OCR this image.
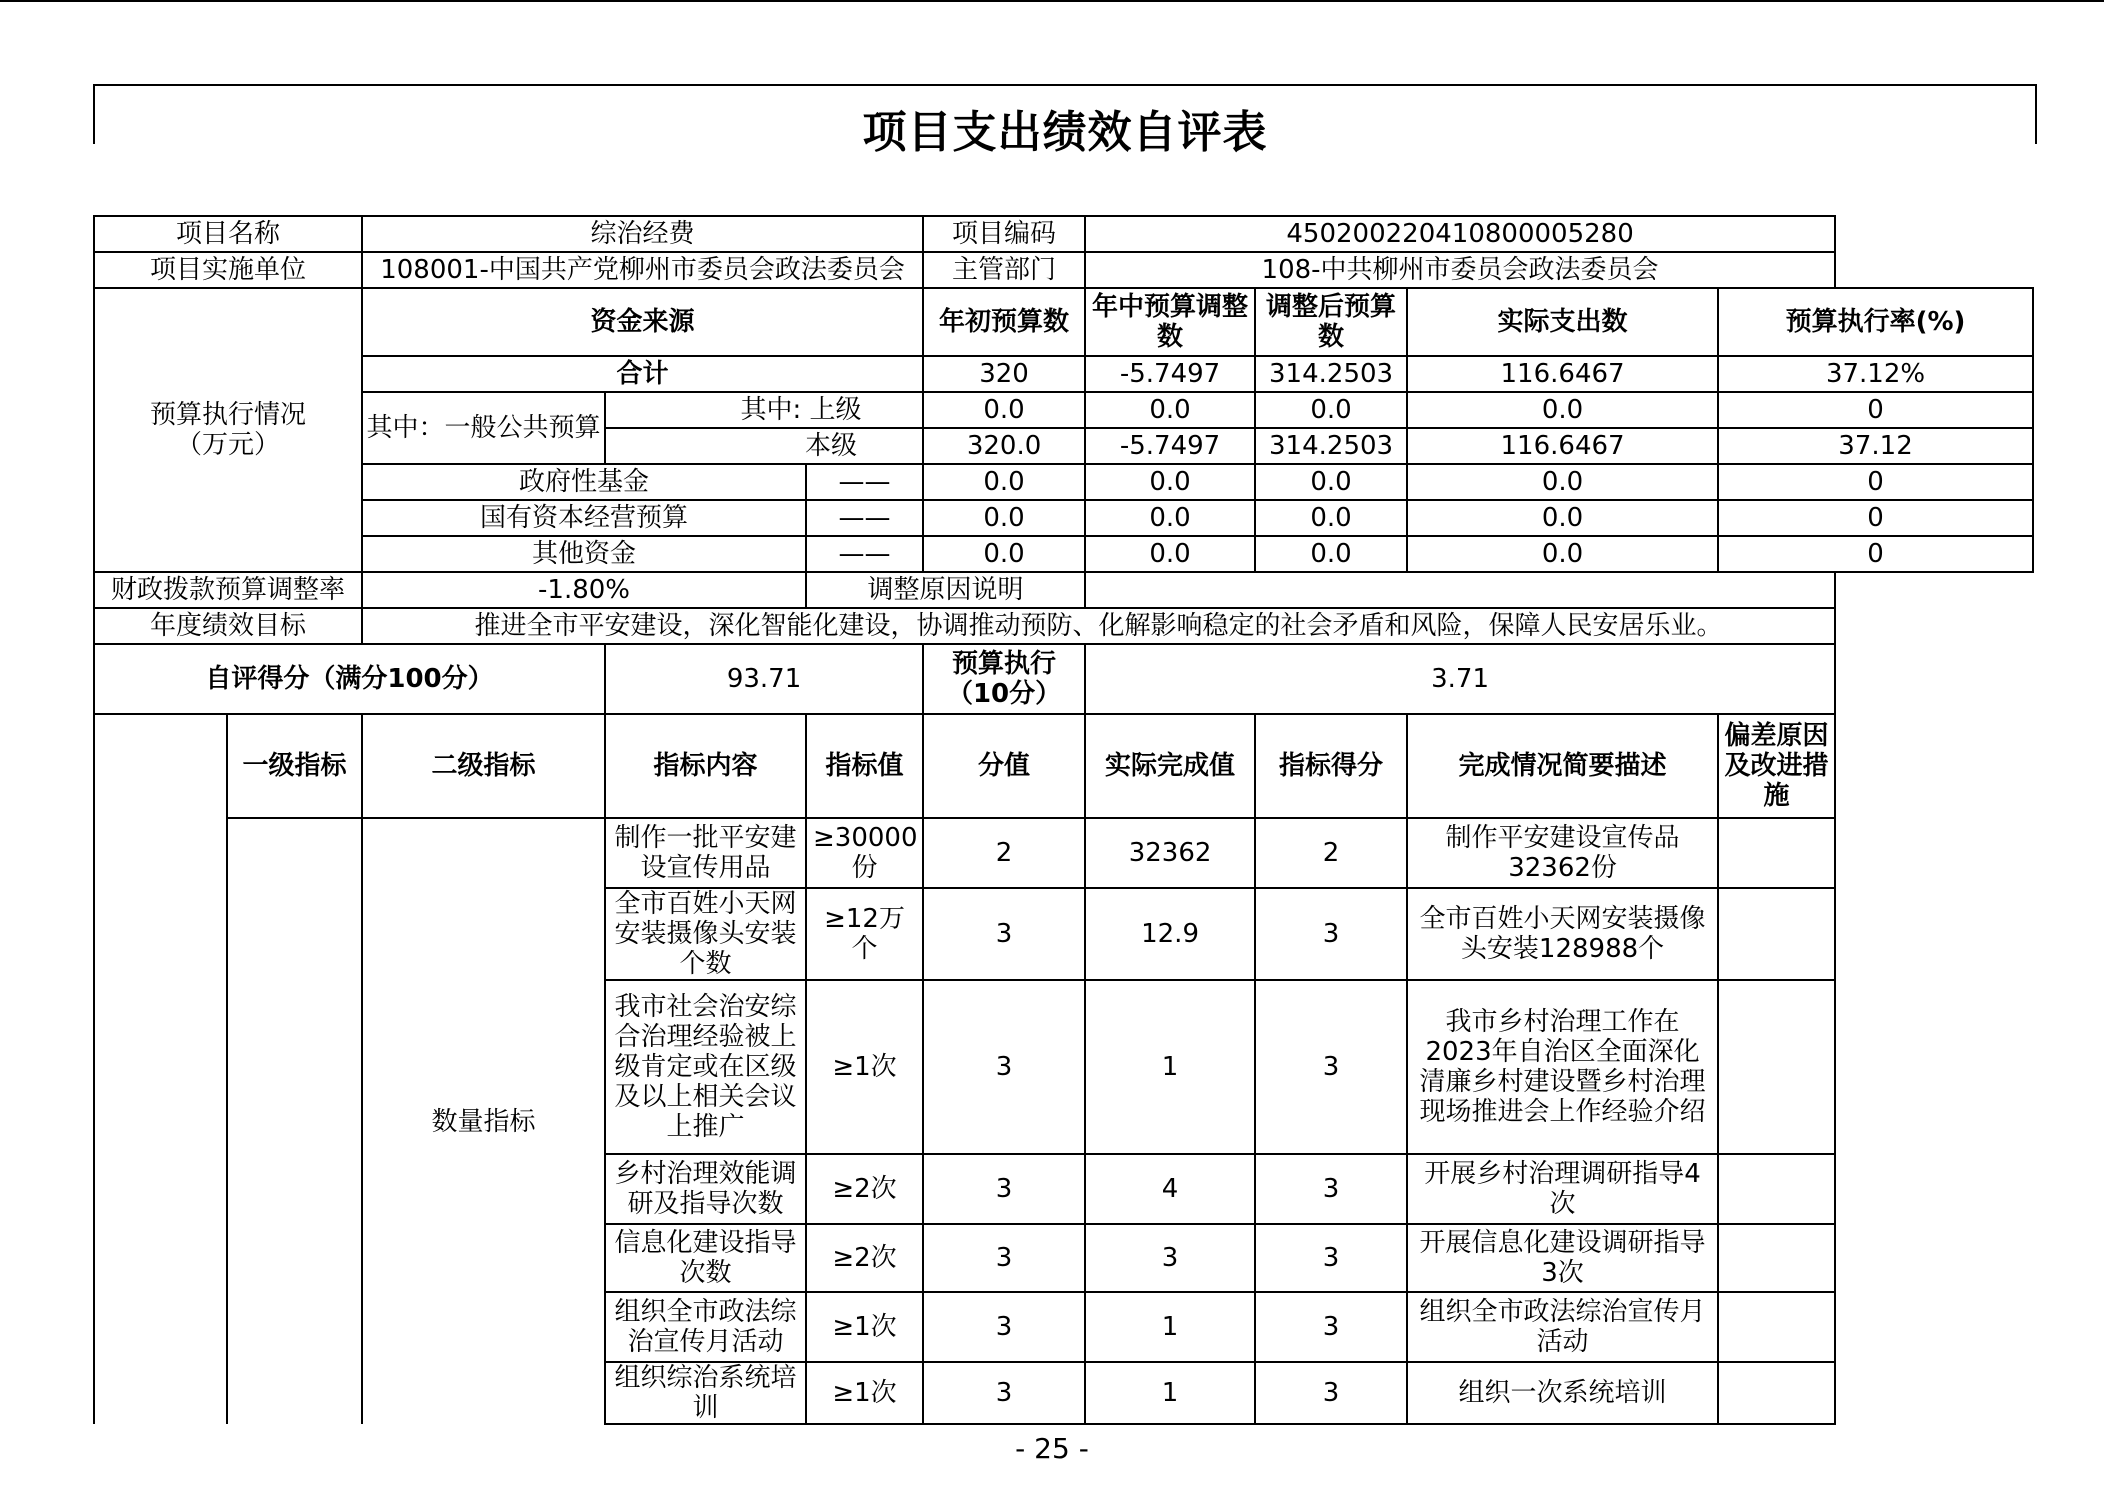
项目支出绩效自评表
项目名称		综治经费			项目编码	450200220410800005280			
项目实施单位		108001-中国共产党柳州市委员会政法委员会			主管部门	108-中共柳州市委员会政法委员会			
预算执行情况（万元）		资金来源			年初预算数	年中预算调整数	调整后预算数	实际支出数	预算执行率(%)
		合计			320	-5.7497	314.2503	116.6467	37.12%
		其中：一般公共预算	其中: 上级		0.0	0.0	0.0	0.0	0
			本级		320.0	-5.7497	314.2503	116.6467	37.12
		政府性基金		——	0.0	0.0	0.0	0.0	0
		国有资本经营预算		——	0.0	0.0	0.0	0.0	0
		其他资金		——	0.0	0.0	0.0	0.0	0
财政拨款预算调整率		-1.80%		调整原因说明					
年度绩效目标		推进全市平安建设，深化智能化建设，协调推动预防、化解影响稳定的社会矛盾和风险，保障人民安居乐业。							
自评得分（满分100分）			93.71		预算执行（10分）	3.71			
	一级指标	二级指标	指标内容	指标值	分值	实际完成值	指标得分	完成情况简要描述	偏差原因及改进措施
		数量指标	制作一批平安建设宣传用品	≥30000份	2	32362	2	制作平安建设宣传品32362份	
			全市百姓小天网安装摄像头安装个数	≥12万个	3	12.9	3	全市百姓小天网安装摄像头安装128988个	
			我市社会治安综合治理经验被上级肯定或在区级及以上相关会议上推广	≥1次	3	1	3	我市乡村治理工作在2023年自治区全面深化清廉乡村建设暨乡村治理现场推进会上作经验介绍	
			乡村治理效能调研及指导次数	≥2次	3	4	3	开展乡村治理调研指导4次	
			信息化建设指导次数	≥2次	3	3	3	开展信息化建设调研指导3次	
			组织全市政法综治宣传月活动	≥1次	3	1	3	组织全市政法综治宣传月活动	
			组织综治系统培训	≥1次	3	1	3	组织一次系统培训	
- 25 -
